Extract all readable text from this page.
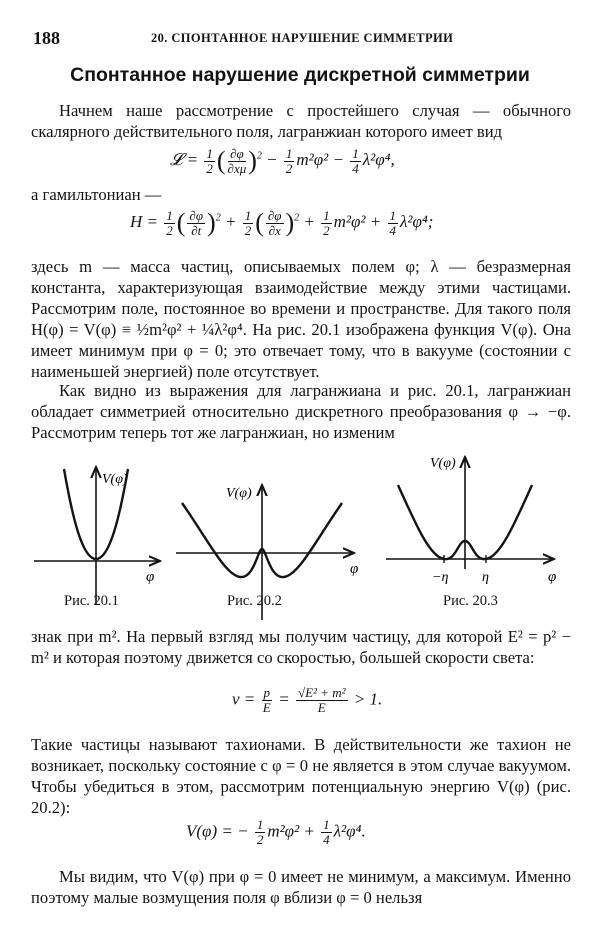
188	20. СПОНТАННОЕ НАРУШЕНИЕ СИММЕТРИИ
Спонтанное нарушение дискретной симметрии
Начнем наше рассмотрение с простейшего случая — обычного скалярного действительного поля, лагранжиан которого имеет вид
𝓛 = $\frac{1}{2}$ ( $\frac{\partial\varphi}{\partial x\mu} )^2 - \frac{1}{2} m^2\varphi^2 - \frac{1}{4} \lambda^2\varphi^4$,
а гамильтониан —
$H = \frac{1}{2}$ ( $\frac{\partial\varphi}{\partial t} )^2 + \frac{1}{2}$ ( $\frac{\partial\varphi}{\partial x} )^2 + \frac{1}{2} m^2\varphi^2 + \frac{1}{4} \lambda^2\varphi^4$;
здесь m — масса частиц, описываемых полем φ; λ — безразмерная константа, характеризующая взаимодействие между этими частицами. Рассмотрим поле, постоянное во времени и пространстве. Для такого поля H(φ) = V(φ) ≡ ½m²φ² + ¼λ²φ⁴. На рис. 20.1 изображена функция V(φ). Она имеет минимум при φ = 0; это отвечает тому, что в вакууме (состоянии с наименьшей энергией) поле отсутствует.
Как видно из выражения для лагранжиана и рис. 20.1, лагранжиан обладает симметрией относительно дискретного преобразования φ → −φ. Рассмотрим теперь тот же лагранжиан, но изменим
V(φ)
φ
V(φ)
φ
V(φ)
−η η	φ
Рис. 20.1	Рис. 20.2	Рис. 20.3
знак при m². На первый взгляд мы получим частицу, для которой E² = p² − m² и которая поэтому движется со скоростью, большей скорости света:
$v = \frac{p}{E} = \frac{\text{√E² + m²}}{E} > 1$.
Такие частицы называют тахионами. В действительности же тахион не возникает, поскольку состояние с φ = 0 не является в этом случае вакуумом. Чтобы убедиться в этом, рассмотрим потенциальную энергию V(φ) (рис. 20.2):
V(φ) = − $\frac{1}{2} m^2\varphi^2 + \frac{1}{4} \lambda^2\varphi^4$.
Мы видим, что V(φ) при φ = 0 имеет не минимум, а максимум. Именно поэтому малые возмущения поля φ вблизи φ = 0 нельзя
